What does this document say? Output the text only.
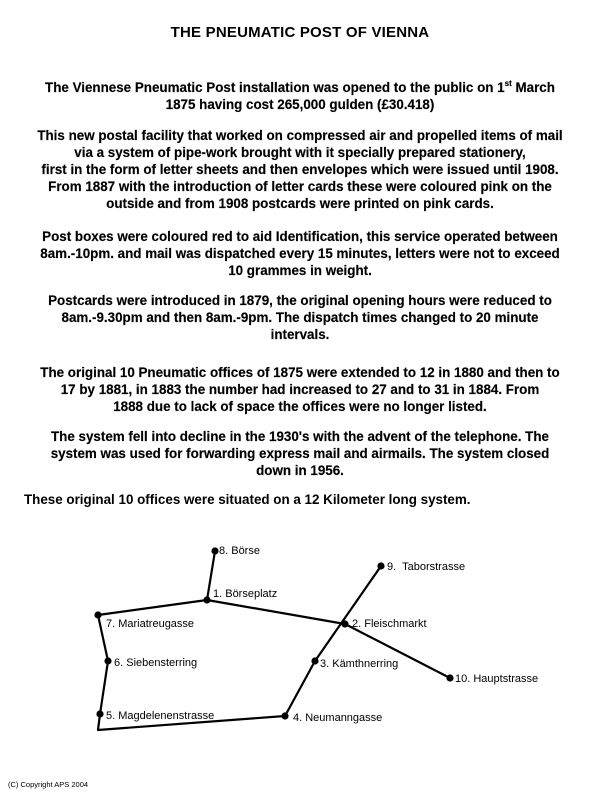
THE PNEUMATIC POST OF VIENNA
The Viennese Pneumatic Post installation was opened to the public on 1st March
1875 having cost 265,000 gulden (£30.418)
This new postal facility that worked on compressed air and propelled items of mail
via a system of pipe-work brought with it specially prepared stationery,
first in the form of letter sheets and then envelopes which were issued until 1908.
From 1887 with the introduction of letter cards these were coloured pink on the
outside and from 1908 postcards were printed on pink cards.
Post boxes were coloured red to aid Identification, this service operated between
8am.-10pm. and mail was dispatched every 15 minutes, letters were not to exceed
10 grammes in weight.
Postcards were introduced in 1879, the original opening hours were reduced to
8am.-9.30pm and then 8am.-9pm. The dispatch times changed to 20 minute
intervals.
The original 10 Pneumatic offices of 1875 were extended to 12 in 1880 and then to
17 by 1881, in 1883 the number had increased to 27 and to 31 in 1884. From
1888 due to lack of space the offices were no longer listed.
The system fell into decline in the 1930's with the advent of the telephone. The
system was used for forwarding express mail and airmails. The system closed
down in 1956.
These original 10 offices were situated on a 12 Kilometer long system.
1. Börseplatz
2. Fleischmarkt
3. Kämthnerring
4. Neumanngasse
5. Magdelenenstrasse
6. Siebensterring
7. Mariatreugasse
8. Börse
9.  Taborstrasse
10. Hauptstrasse
(C) Copyright APS 2004
